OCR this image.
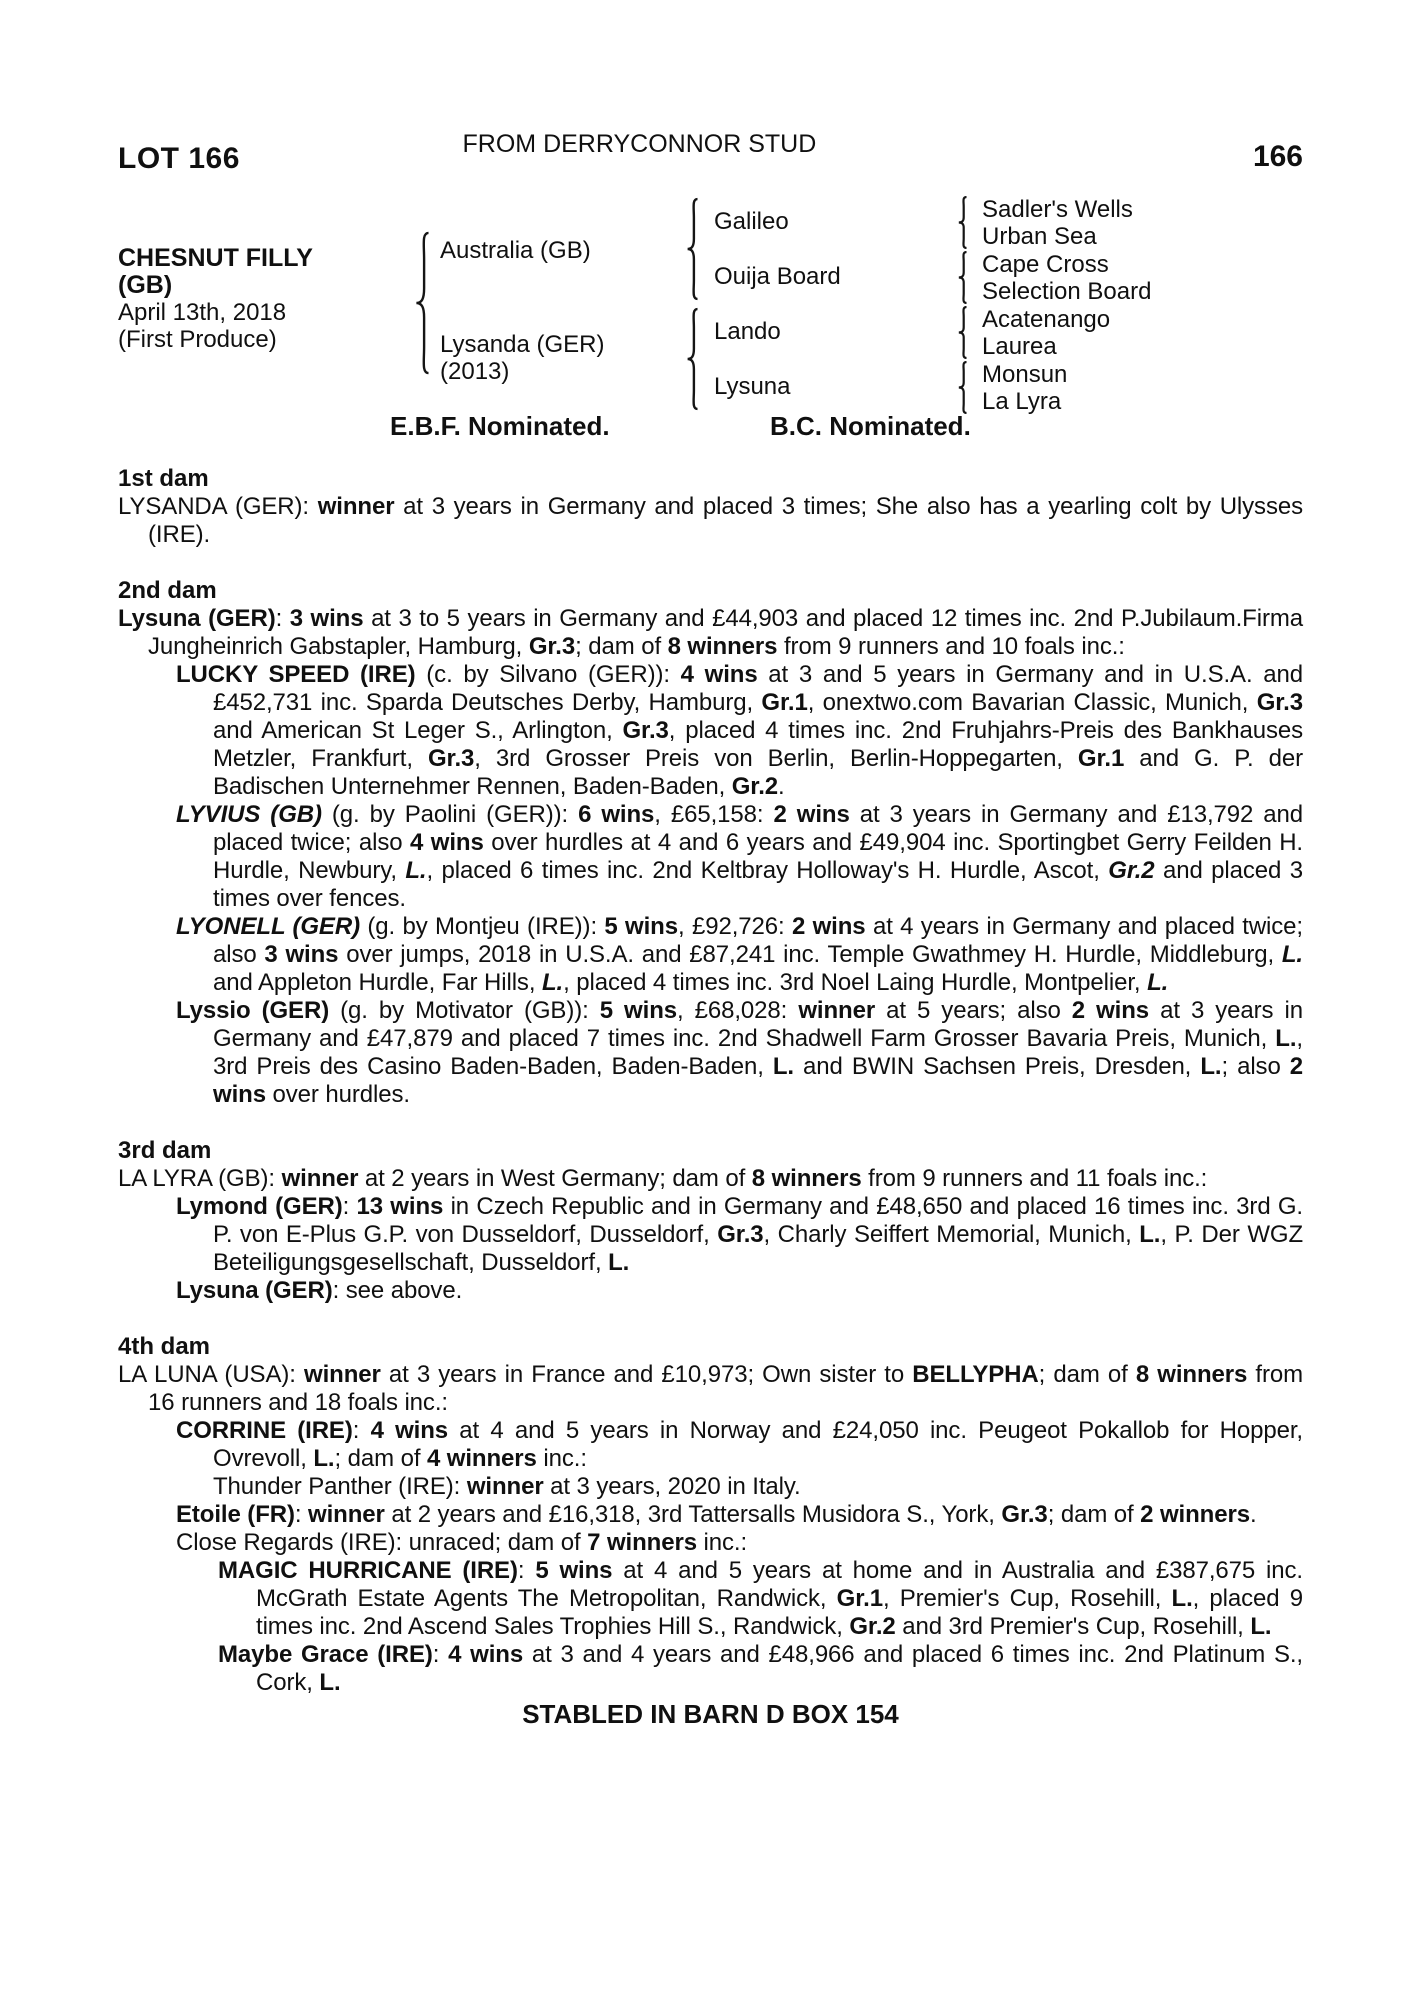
LOT 166	FROM DERRYCONNOR STUD	166
CHESNUT FILLY
(GB)
April 13th, 2018
(First Produce)
Australia (GB)
Lysanda (GER)
(2013)
Galileo
Ouija Board
Lando
Lysuna
Sadler's Wells
Urban Sea
Cape Cross
Selection Board
Acatenango
Laurea
Monsun
La Lyra
E.B.F. Nominated.	B.C. Nominated.
1st dam

LYSANDA (GER): winner at 3 years in Germany and placed 3 times; She also has a yearling colt by Ulysses (IRE).

2nd dam

Lysuna (GER): 3 wins at 3 to 5 years in Germany and £44,903 and placed 12 times inc. 2nd P.Jubilaum.Firma Jungheinrich Gabstapler, Hamburg, Gr.3; dam of 8 winners from 9 runners and 10 foals inc.:

LUCKY SPEED (IRE) (c. by Silvano (GER)): 4 wins at 3 and 5 years in Germany and in U.S.A. and £452,731 inc. Sparda Deutsches Derby, Hamburg, Gr.1, onextwo.com Bavarian Classic, Munich, Gr.3 and American St Leger S., Arlington, Gr.3, placed 4 times inc. 2nd Fruhjahrs-Preis des Bankhauses Metzler, Frankfurt, Gr.3, 3rd Grosser Preis von Berlin, Berlin-Hoppegarten, Gr.1 and G. P. der Badischen Unternehmer Rennen, Baden-Baden, Gr.2.

LYVIUS (GB) (g. by Paolini (GER)): 6 wins, £65,158: 2 wins at 3 years in Germany and £13,792 and placed twice; also 4 wins over hurdles at 4 and 6 years and £49,904 inc. Sportingbet Gerry Feilden H. Hurdle, Newbury, L., placed 6 times inc. 2nd Keltbray Holloway's H. Hurdle, Ascot, Gr.2 and placed 3 times over fences.

LYONELL (GER) (g. by Montjeu (IRE)): 5 wins, £92,726: 2 wins at 4 years in Germany and placed twice; also 3 wins over jumps, 2018 in U.S.A. and £87,241 inc. Temple Gwathmey H. Hurdle, Middleburg, L. and Appleton Hurdle, Far Hills, L., placed 4 times inc. 3rd Noel Laing Hurdle, Montpelier, L.

Lyssio (GER) (g. by Motivator (GB)): 5 wins, £68,028: winner at 5 years; also 2 wins at 3 years in Germany and £47,879 and placed 7 times inc. 2nd Shadwell Farm Grosser Bavaria Preis, Munich, L., 3rd Preis des Casino Baden-Baden, Baden-Baden, L. and BWIN Sachsen Preis, Dresden, L.; also 2 wins over hurdles.

3rd dam

LA LYRA (GB): winner at 2 years in West Germany; dam of 8 winners from 9 runners and 11 foals inc.:

Lymond (GER): 13 wins in Czech Republic and in Germany and £48,650 and placed 16 times inc. 3rd G. P. von E-Plus G.P. von Dusseldorf, Dusseldorf, Gr.3, Charly Seiffert Memorial, Munich, L., P. Der WGZ Beteiligungsgesellschaft, Dusseldorf, L.

Lysuna (GER): see above.

4th dam

LA LUNA (USA): winner at 3 years in France and £10,973; Own sister to BELLYPHA; dam of 8 winners from 16 runners and 18 foals inc.:

CORRINE (IRE): 4 wins at 4 and 5 years in Norway and £24,050 inc. Peugeot Pokallob for Hopper, Ovrevoll, L.; dam of 4 winners inc.:

Thunder Panther (IRE): winner at 3 years, 2020 in Italy.

Etoile (FR): winner at 2 years and £16,318, 3rd Tattersalls Musidora S., York, Gr.3; dam of 2 winners.

Close Regards (IRE): unraced; dam of 7 winners inc.:

MAGIC HURRICANE (IRE): 5 wins at 4 and 5 years at home and in Australia and £387,675 inc. McGrath Estate Agents The Metropolitan, Randwick, Gr.1, Premier's Cup, Rosehill, L., placed 9 times inc. 2nd Ascend Sales Trophies Hill S., Randwick, Gr.2 and 3rd Premier's Cup, Rosehill, L.

Maybe Grace (IRE): 4 wins at 3 and 4 years and £48,966 and placed 6 times inc. 2nd Platinum S., Cork, L.

STABLED IN BARN D BOX 154
